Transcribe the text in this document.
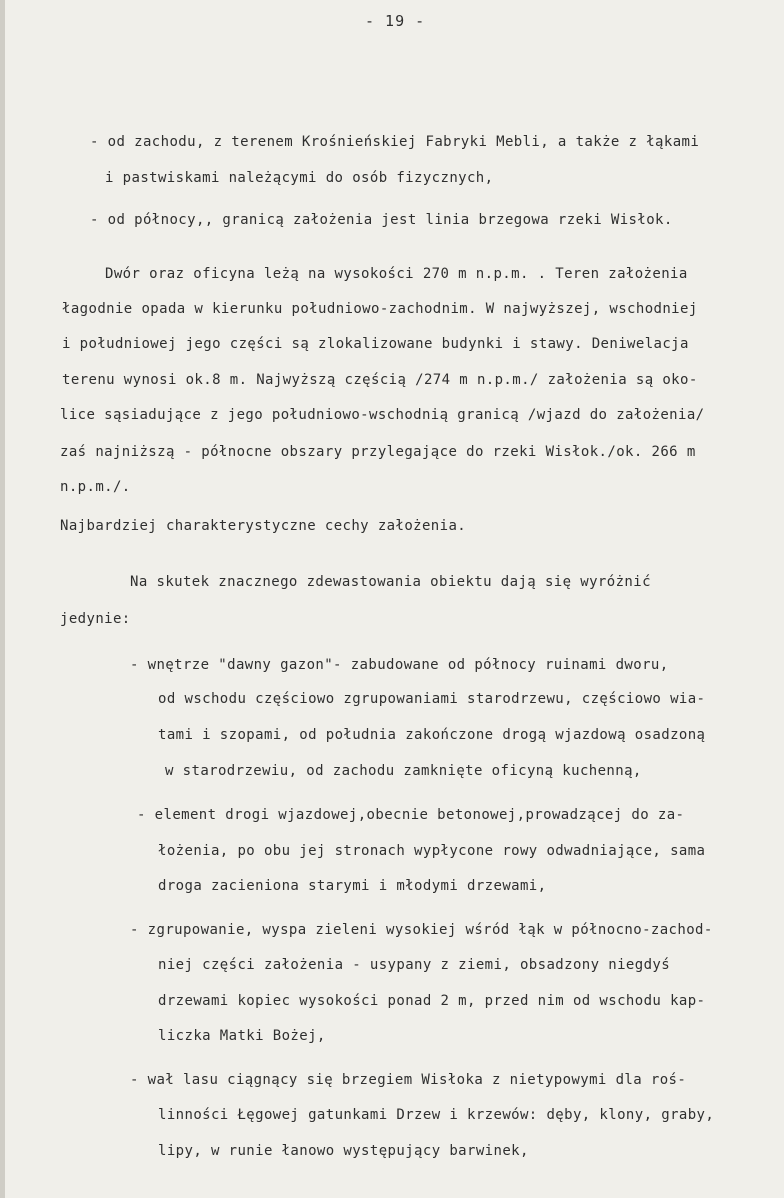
- 19 -
- od zachodu, z terenem Krośnieńskiej Fabryki Mebli, a także z łąkami
i pastwiskami należącymi do osób fizycznych,
- od północy,, granicą założenia jest linia brzegowa rzeki Wisłok.
Dwór oraz oficyna leżą na wysokości 270 m n.p.m. . Teren założenia
łagodnie opada w kierunku południowo-zachodnim. W najwyższej, wschodniej
i południowej jego części są zlokalizowane budynki i stawy. Deniwelacja
terenu wynosi ok.8 m. Najwyższą częścią /274 m n.p.m./ założenia są oko-
lice sąsiadujące z jego południowo-wschodnią granicą /wjazd do założenia/
zaś najniższą - północne obszary przylegające do rzeki Wisłok./ok. 266 m
n.p.m./.
Najbardziej charakterystyczne cechy założenia.
Na skutek znacznego zdewastowania obiektu dają się wyróżnić
jedynie:
- wnętrze "dawny gazon"- zabudowane od północy ruinami dworu,
od wschodu częściowo zgrupowaniami starodrzewu, częściowo wia-
tami i szopami, od południa zakończone drogą wjazdową osadzoną
w starodrzewiu, od zachodu zamknięte oficyną kuchenną,
- element drogi wjazdowej,obecnie betonowej,prowadzącej do za-
łożenia, po obu jej stronach wypłycone rowy odwadniające, sama
droga zacieniona starymi i młodymi drzewami,
- zgrupowanie, wyspa zieleni wysokiej wśród łąk w północno-zachod-
niej części założenia - usypany z ziemi, obsadzony niegdyś
drzewami kopiec wysokości ponad 2 m, przed nim od wschodu kap-
liczka Matki Bożej,
- wał lasu ciągnący się brzegiem Wisłoka z nietypowymi dla roś-
linności Łęgowej gatunkami Drzew i krzewów: dęby, klony, graby,
lipy, w runie łanowo występujący barwinek,
